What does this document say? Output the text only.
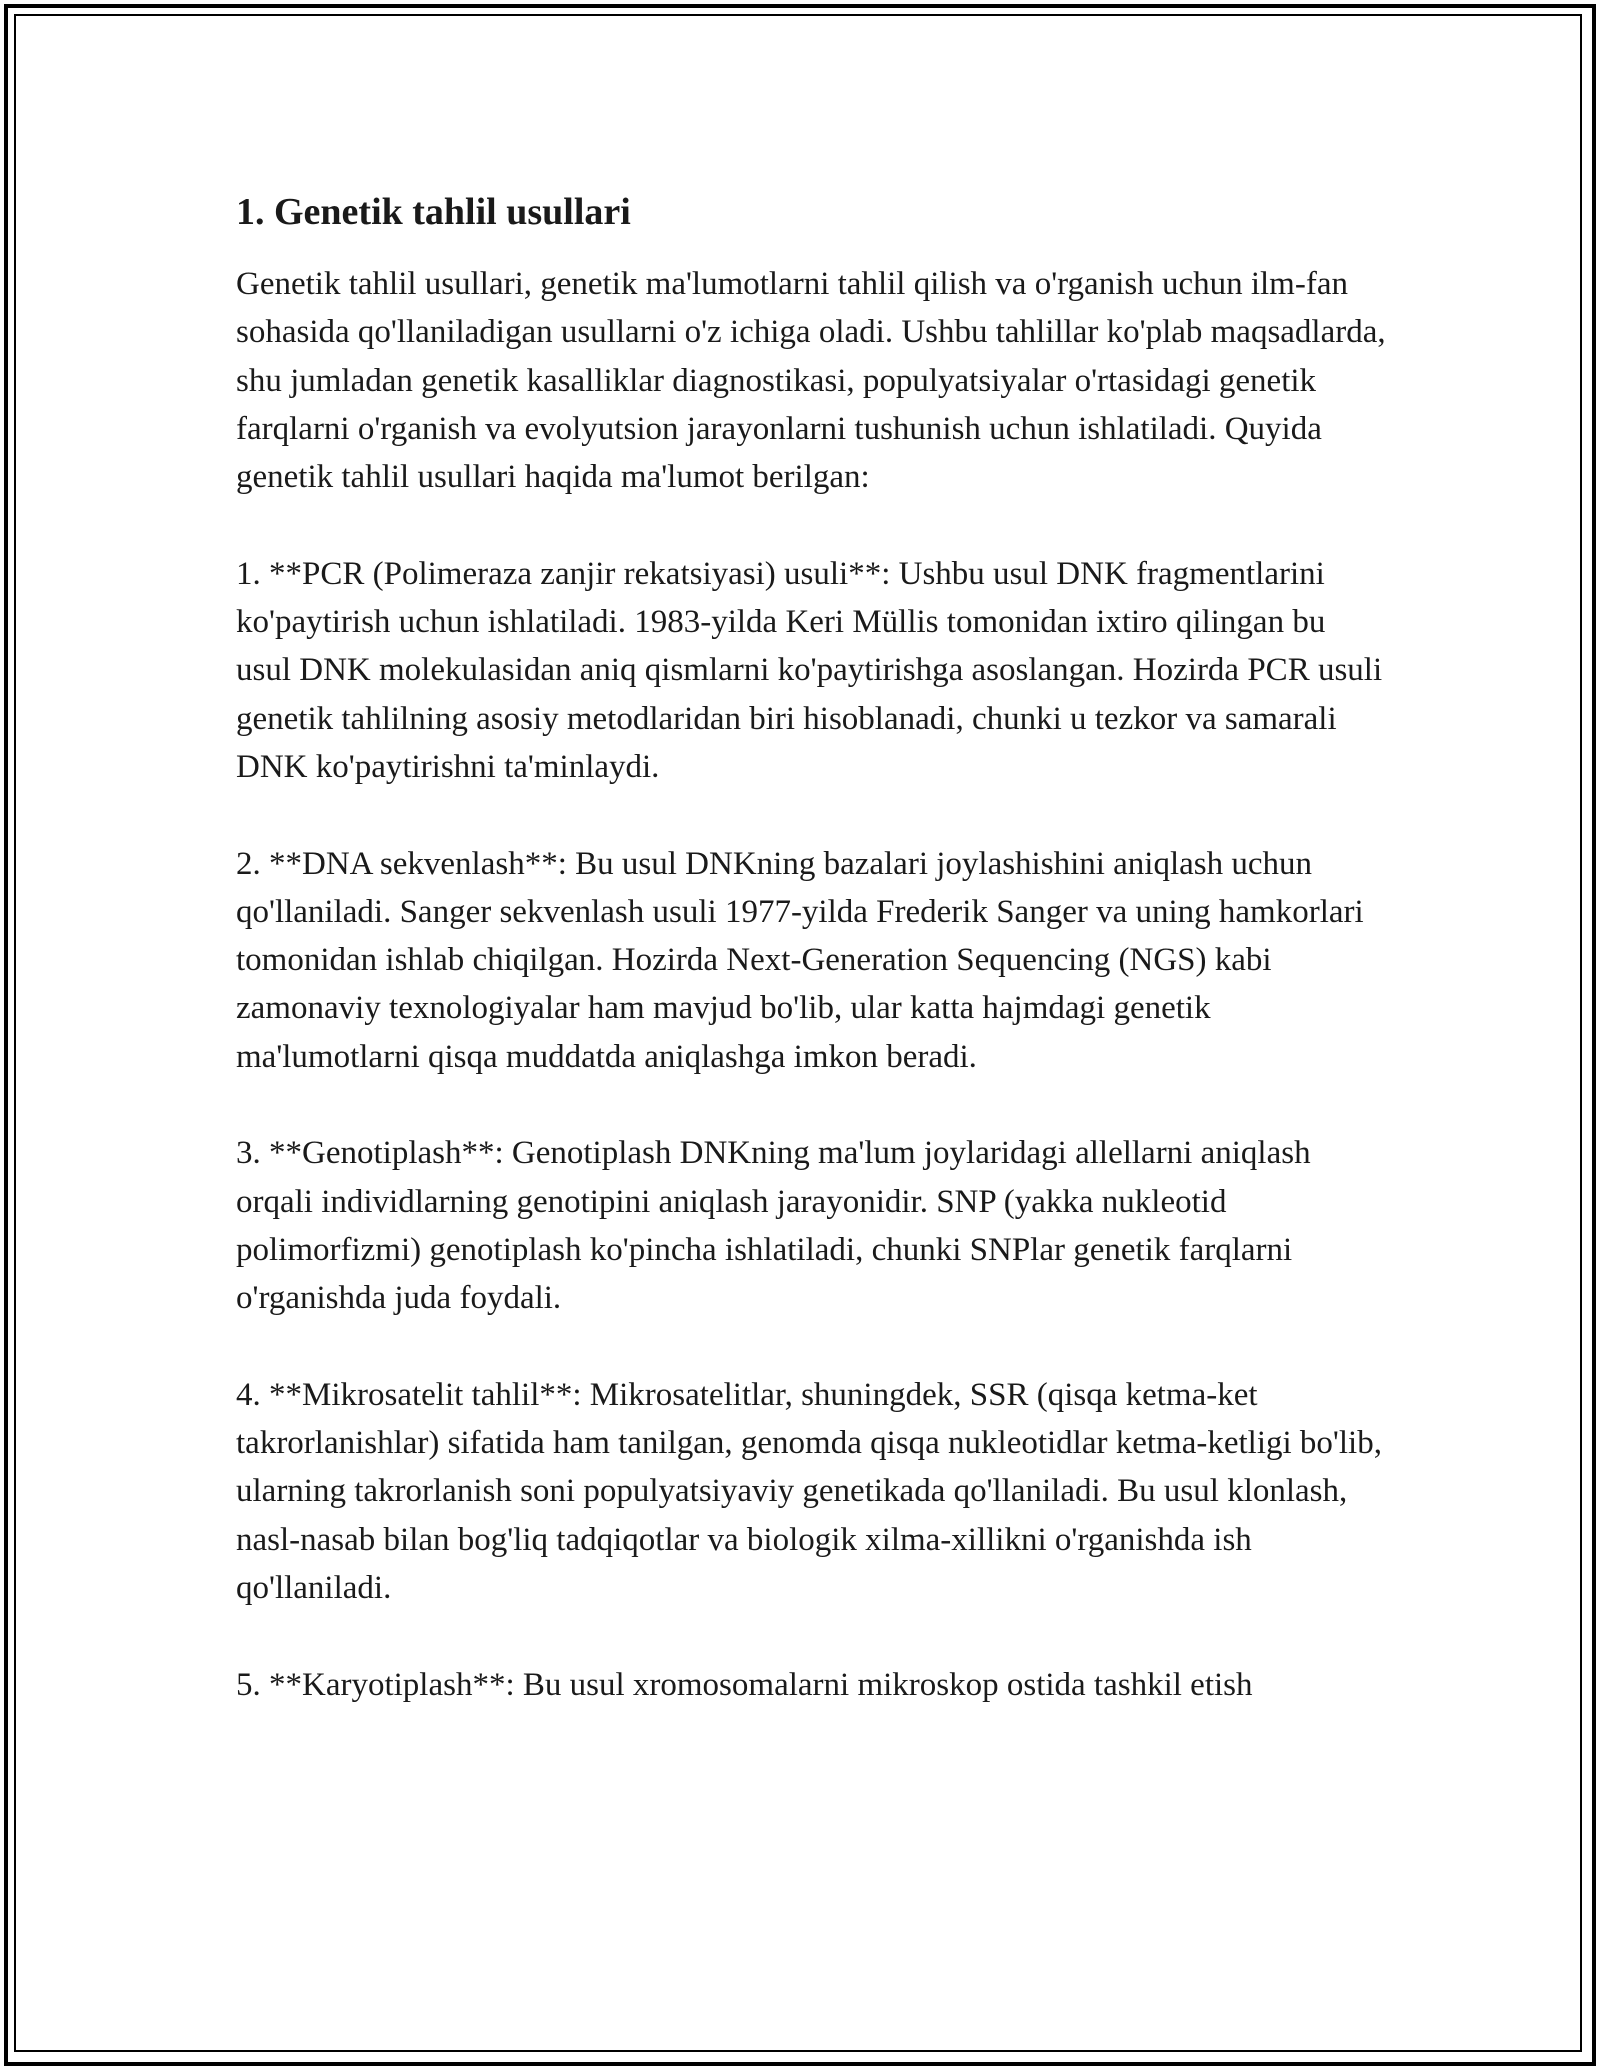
1. Genetik tahlil usullari

Genetik tahlil usullari, genetik ma'lumotlarni tahlil qilish va o'rganish uchun ilm-fan sohasida qo'llaniladigan usullarni o'z ichiga oladi. Ushbu tahlillar ko'plab maqsadlarda, shu jumladan genetik kasalliklar diagnostikasi, populyatsiyalar o'rtasidagi genetik farqlarni o'rganish va evolyutsion jarayonlarni tushunish uchun ishlatiladi. Quyida genetik tahlil usullari haqida ma'lumot berilgan:

1. **PCR (Polimeraza zanjir rekatsiyasi) usuli**: Ushbu usul DNK fragmentlarini ko'paytirish uchun ishlatiladi. 1983-yilda Keri Müllis tomonidan ixtiro qilingan bu usul DNK molekulasidan aniq qismlarni ko'paytirishga asoslangan. Hozirda PCR usuli genetik tahlilning asosiy metodlaridan biri hisoblanadi, chunki u tezkor va samarali DNK ko'paytirishni ta'minlaydi.

2. **DNA sekvenlash**: Bu usul DNKning bazalari joylashishini aniqlash uchun qo'llaniladi. Sanger sekvenlash usuli 1977-yilda Frederik Sanger va uning hamkorlari tomonidan ishlab chiqilgan. Hozirda Next-Generation Sequencing (NGS) kabi zamonaviy texnologiyalar ham mavjud bo'lib, ular katta hajmdagi genetik ma'lumotlarni qisqa muddatda aniqlashga imkon beradi.

3. **Genotiplash**: Genotiplash DNKning ma'lum joylaridagi allellarni aniqlash orqali individlarning genotipini aniqlash jarayonidir. SNP (yakka nukleotid polimorfizmi) genotiplash ko'pincha ishlatiladi, chunki SNPlar genetik farqlarni o'rganishda juda foydali.

4. **Mikrosatelit tahlil**: Mikrosatelitlar, shuningdek, SSR (qisqa ketma-ket takrorlanishlar) sifatida ham tanilgan, genomda qisqa nukleotidlar ketma-ketligi bo'lib, ularning takrorlanish soni populyatsiyaviy genetikada qo'llaniladi. Bu usul klonlash, nasl-nasab bilan bog'liq tadqiqotlar va biologik xilma-xillikni o'rganishda ish qo'llaniladi.

5. **Karyotiplash**: Bu usul xromosomalarni mikroskop ostida tashkil etish
